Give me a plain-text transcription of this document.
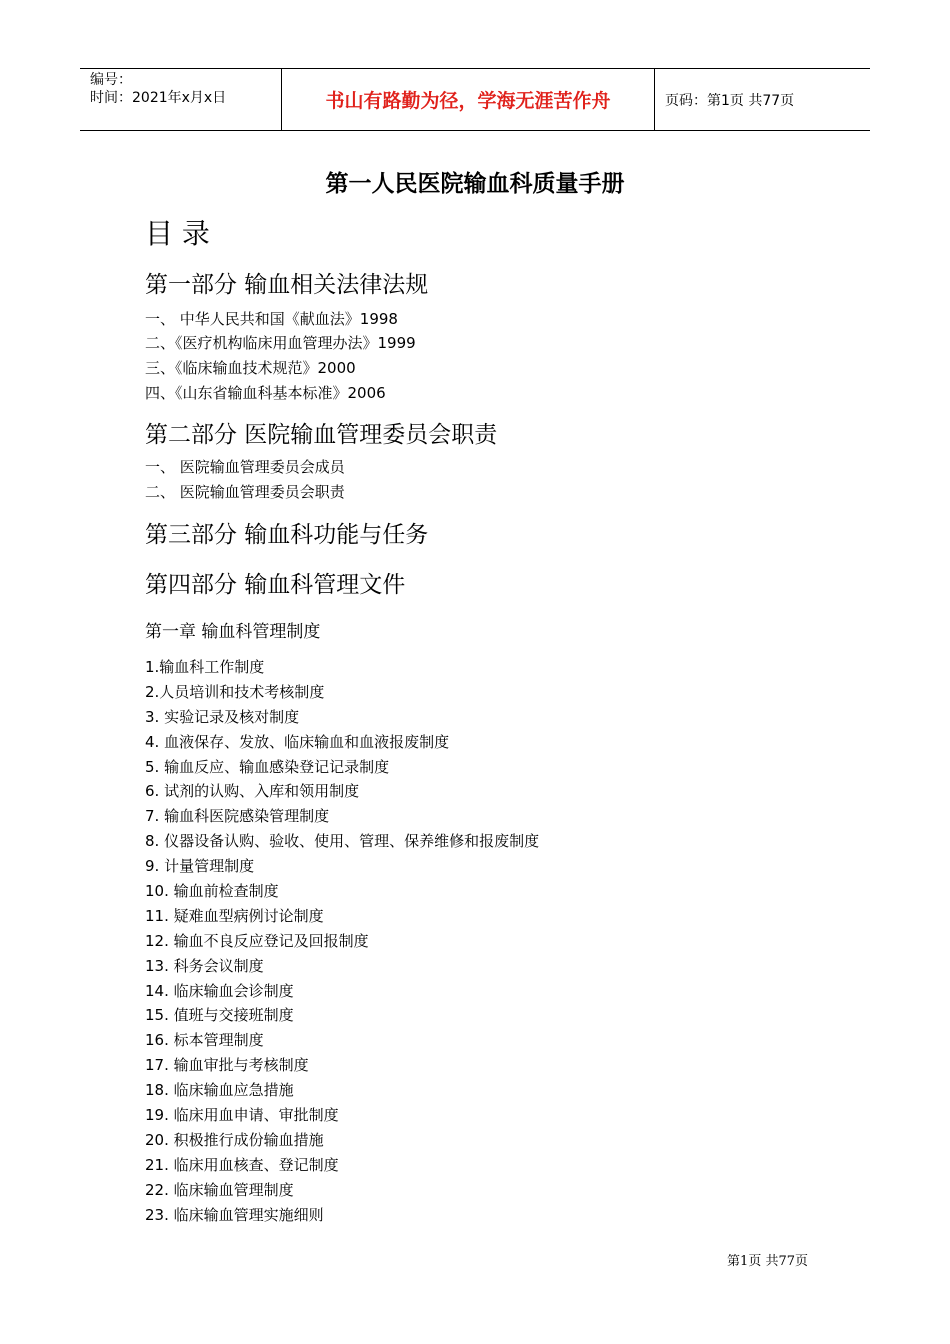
编号：
时间：2021年x月x日	书山有路勤为径，学海无涯苦作舟	页码：第1页 共77页
第一人民医院输血科质量手册
目 录
第一部分 输血相关法律法规
一、 中华人民共和国《献血法》1998
二、《医疗机构临床用血管理办法》1999
三、《临床输血技术规范》2000
四、《山东省输血科基本标准》2006
第二部分 医院输血管理委员会职责
一、 医院输血管理委员会成员
二、 医院输血管理委员会职责
第三部分 输血科功能与任务
第四部分 输血科管理文件
第一章 输血科管理制度
1.输血科工作制度
2.人员培训和技术考核制度
3. 实验记录及核对制度
4. 血液保存、发放、临床输血和血液报废制度
5. 输血反应、输血感染登记记录制度
6. 试剂的认购、入库和领用制度
7. 输血科医院感染管理制度
8. 仪器设备认购、验收、使用、管理、保养维修和报废制度
9. 计量管理制度
10. 输血前检查制度
11. 疑难血型病例讨论制度
12. 输血不良反应登记及回报制度
13. 科务会议制度
14. 临床输血会诊制度
15. 值班与交接班制度
16. 标本管理制度
17. 输血审批与考核制度
18. 临床输血应急措施
19. 临床用血申请、审批制度
20. 积极推行成份输血措施
21. 临床用血核查、登记制度
22. 临床输血管理制度
23. 临床输血管理实施细则
第1页 共77页
